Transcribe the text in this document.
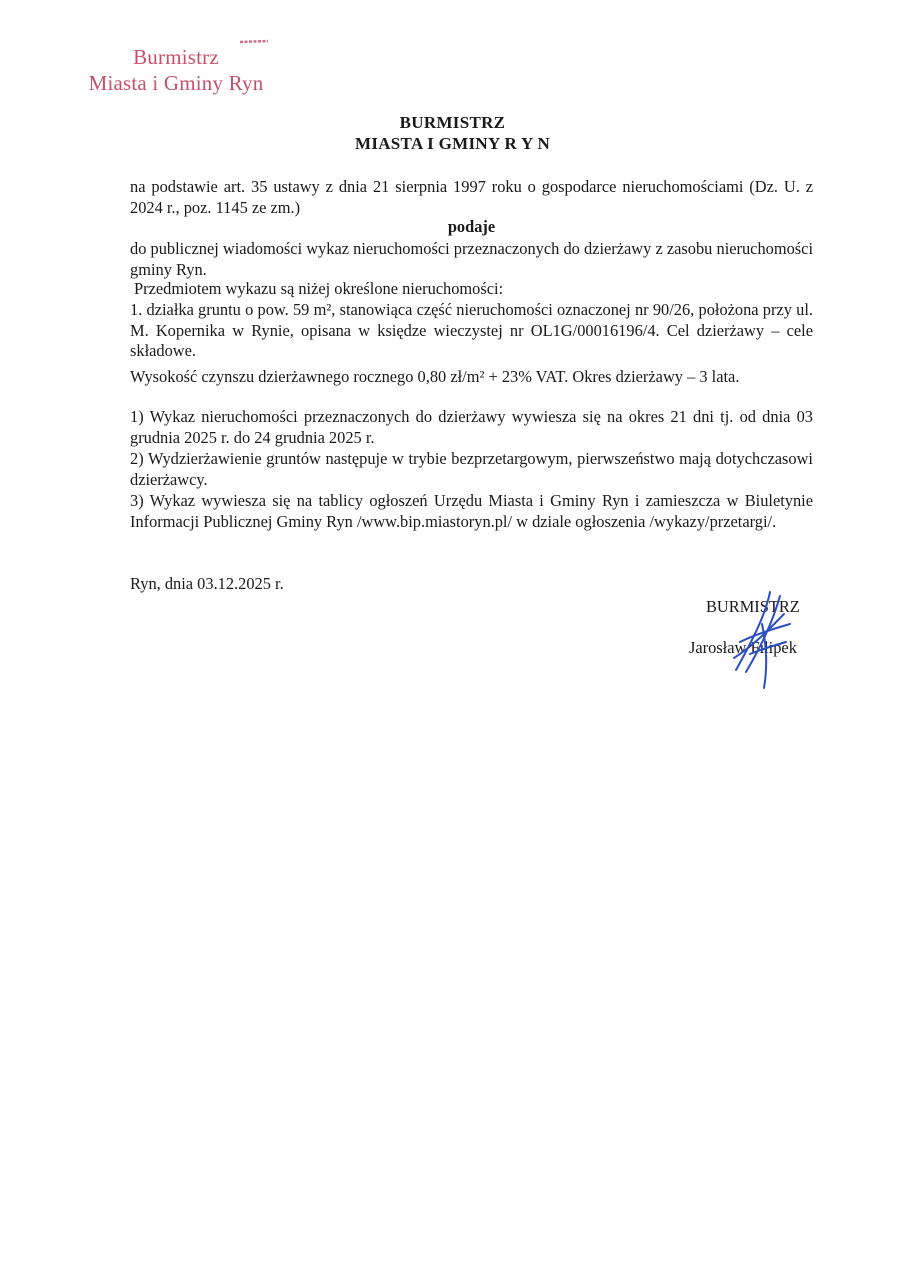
Burmistrz
Miasta i Gminy Ryn
BURMISTRZ
MIASTA I GMINY R Y N

na podstawie art. 35 ustawy z dnia 21 sierpnia 1997 roku o gospodarce nieruchomościami (Dz. U. z 2024 r., poz. 1145 ze zm.)

podaje

do publicznej wiadomości wykaz nieruchomości przeznaczonych do dzierżawy z zasobu nieruchomości gminy Ryn.

Przedmiotem wykazu są niżej określone nieruchomości:

1. działka gruntu o pow. 59 m², stanowiąca część nieruchomości oznaczonej nr 90/26, położona przy ul. M. Kopernika w Rynie, opisana w księdze wieczystej nr OL1G/00016196/4. Cel dzierżawy – cele składowe.

Wysokość czynszu dzierżawnego rocznego 0,80 zł/m² + 23% VAT. Okres dzierżawy – 3 lata.

1) Wykaz nieruchomości przeznaczonych do dzierżawy wywiesza się na okres 21 dni tj. od dnia 03 grudnia 2025 r. do 24 grudnia 2025 r.

2) Wydzierżawienie gruntów następuje w trybie bezprzetargowym, pierwszeństwo mają dotychczasowi dzierżawcy.

3) Wykaz wywiesza się na tablicy ogłoszeń Urzędu Miasta i Gminy Ryn i zamieszcza w Biuletynie Informacji Publicznej Gminy Ryn /www.bip.miastoryn.pl/ w dziale ogłoszenia /wykazy/przetargi/.

Ryn, dnia 03.12.2025 r.

BURMISTRZ
Jarosław Filipek
